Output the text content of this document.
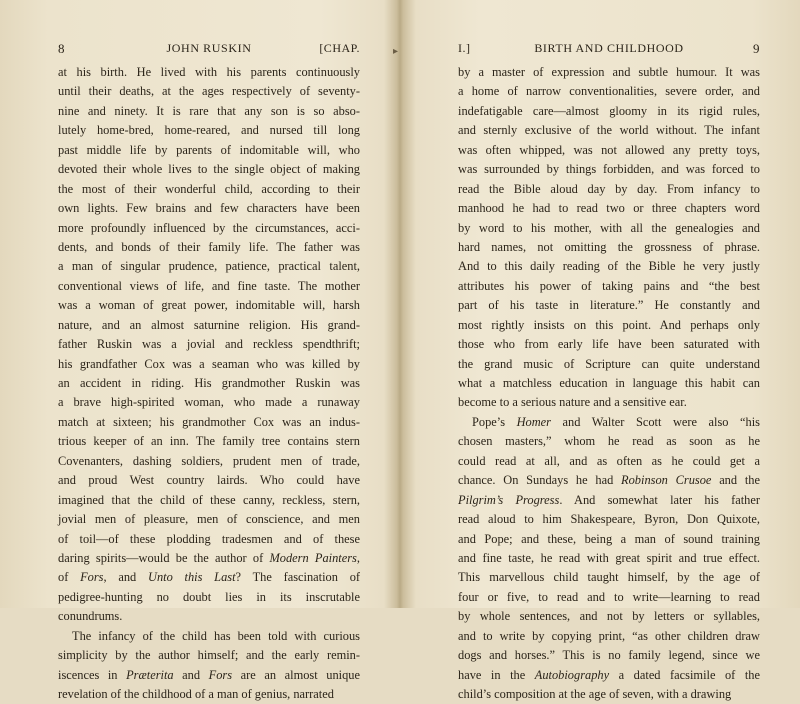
▸
8	JOHN RUSKIN	[CHAP.
at his birth. He lived with his parents continuously
until their deaths, at the ages respectively of seventy-
nine and ninety. It is rare that any son is so abso-
lutely home-bred, home-reared, and nursed till long
past middle life by parents of indomitable will, who
devoted their whole lives to the single object of making
the most of their wonderful child, according to their
own lights. Few brains and few characters have been
more profoundly influenced by the circumstances, acci-
dents, and bonds of their family life. The father was
a man of singular prudence, patience, practical talent,
conventional views of life, and fine taste. The mother
was a woman of great power, indomitable will, harsh
nature, and an almost saturnine religion. His grand-
father Ruskin was a jovial and reckless spendthrift;
his grandfather Cox was a seaman who was killed by
an accident in riding. His grandmother Ruskin was
a brave high-spirited woman, who made a runaway
match at sixteen; his grandmother Cox was an indus-
trious keeper of an inn. The family tree contains stern
Covenanters, dashing soldiers, prudent men of trade,
and proud West country lairds. Who could have
imagined that the child of these canny, reckless, stern,
jovial men of pleasure, men of conscience, and men
of toil—of these plodding tradesmen and of these
daring spirits—would be the author of Modern Painters,
of Fors, and Unto this Last? The fascination of
pedigree-hunting no doubt lies in its inscrutable
conundrums.
The infancy of the child has been told with curious
simplicity by the author himself; and the early remin-
iscences in Præterita and Fors are an almost unique
revelation of the childhood of a man of genius, narrated
I.]	BIRTH AND CHILDHOOD	9
by a master of expression and subtle humour. It was
a home of narrow conventionalities, severe order, and
indefatigable care—almost gloomy in its rigid rules,
and sternly exclusive of the world without. The infant
was often whipped, was not allowed any pretty toys,
was surrounded by things forbidden, and was forced to
read the Bible aloud day by day. From infancy to
manhood he had to read two or three chapters word
by word to his mother, with all the genealogies and
hard names, not omitting the grossness of phrase.
And to this daily reading of the Bible he very justly
attributes his power of taking pains and “the best
part of his taste in literature.” He constantly and
most rightly insists on this point. And perhaps only
those who from early life have been saturated with
the grand music of Scripture can quite understand
what a matchless education in language this habit can
become to a serious nature and a sensitive ear.
Pope’s Homer and Walter Scott were also “his
chosen masters,” whom he read as soon as he
could read at all, and as often as he could get a
chance. On Sundays he had Robinson Crusoe and the
Pilgrim’s Progress. And somewhat later his father
read aloud to him Shakespeare, Byron, Don Quixote,
and Pope; and these, being a man of sound training
and fine taste, he read with great spirit and true effect.
This marvellous child taught himself, by the age of
four or five, to read and to write—learning to read
by whole sentences, and not by letters or syllables,
and to write by copying print, “as other children draw
dogs and horses.” This is no family legend, since we
have in the Autobiography a dated facsimile of the
child’s composition at the age of seven, with a drawing
